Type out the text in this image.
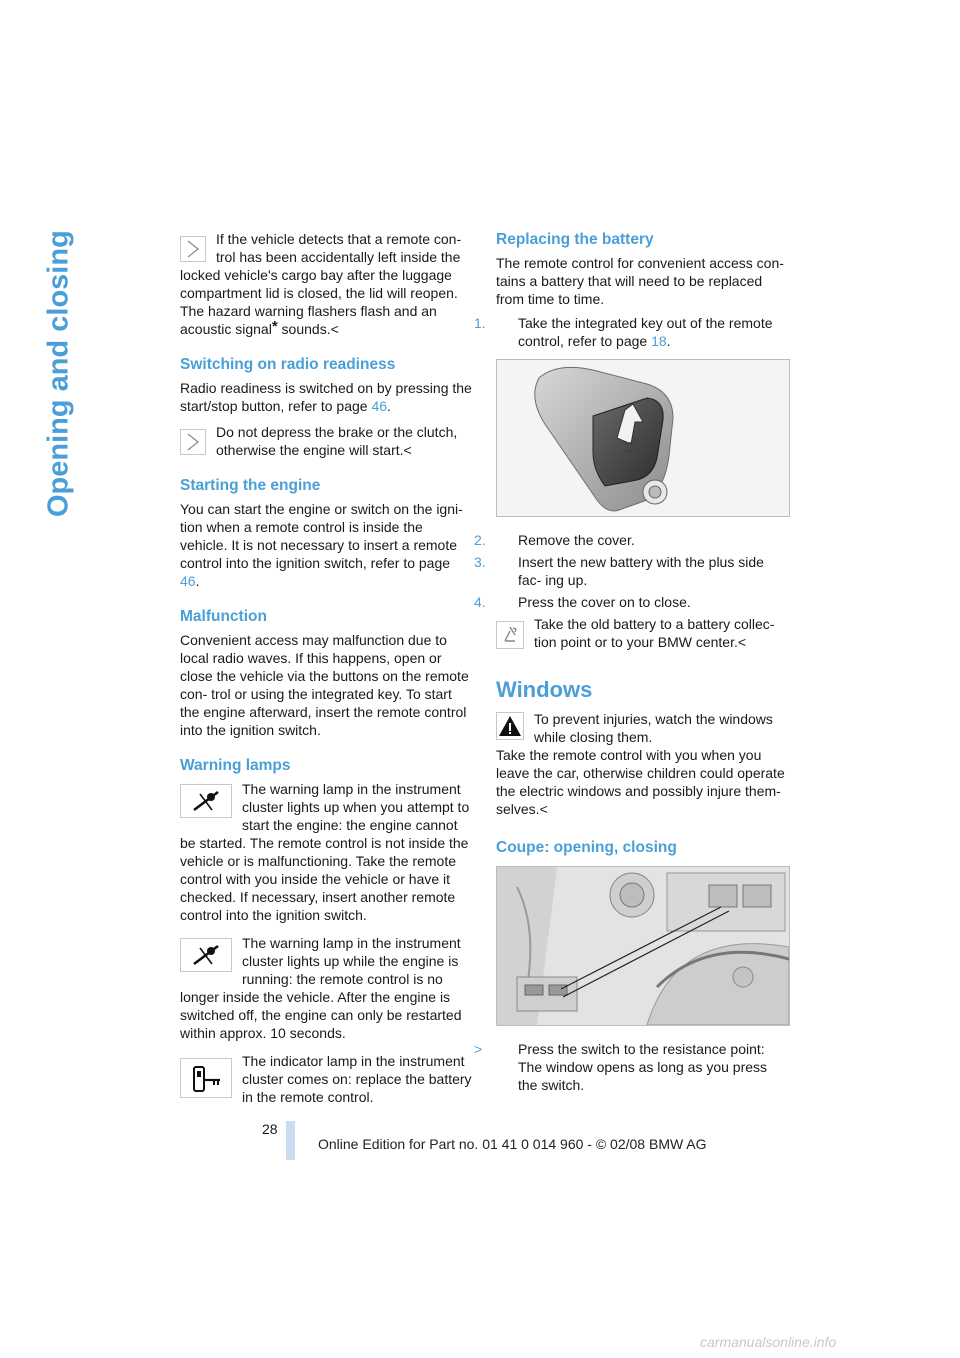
Opening and closing	If the vehicle detects that a remote con-
trol has been accidentally left inside the

locked vehicle's cargo bay after the luggage compartment lid is closed, the lid will reopen. The hazard warning flashers flash and an acoustic signal* sounds.<

Switching on radio readiness

Radio readiness is switched on by pressing the start/stop button, refer to page 46.

Do not depress the brake or the clutch,
otherwise the engine will start.<

Starting the engine

You can start the engine or switch on the igni- tion when a remote control is inside the vehicle. It is not necessary to insert a remote control into the ignition switch, refer to page 46.

Malfunction

Convenient access may malfunction due to local radio waves. If this happens, open or close the vehicle via the buttons on the remote con- trol or using the integrated key. To start the engine afterward, insert the remote control into the ignition switch.

Warning lamps

The warning lamp in the instrument cluster lights up when you attempt to start the engine: the engine cannot

be started. The remote control is not inside the vehicle or is malfunctioning. Take the remote control with you inside the vehicle or have it checked. If necessary, insert another remote control into the ignition switch.

The warning lamp in the instrument cluster lights up while the engine is running: the remote control is no

longer inside the vehicle. After the engine is switched off, the engine can only be restarted within approx. 10 seconds.

The indicator lamp in the instrument cluster comes on: replace the battery in the remote control.

Replacing the battery

The remote control for convenient access con- tains a battery that will need to be replaced from time to time.

1. Take the integrated key out of the remote control, refer to page 18.

2. Remove the cover.

3. Insert the new battery with the plus side fac- ing up.

4. Press the cover on to close.

Take the old battery to a battery collec-
tion point or to your BMW center.<

Windows

To prevent injuries, watch the windows
while closing them.

Take the remote control with you when you leave the car, otherwise children could operate the electric windows and possibly injure them- selves.<

Coupe: opening, closing

>	Press the switch to the resistance point: The window opens as long as you press the switch.

28
Online Edition for Part no. 01 41 0 014 960 - © 02/08 BMW AG
carmanualsonline.info
